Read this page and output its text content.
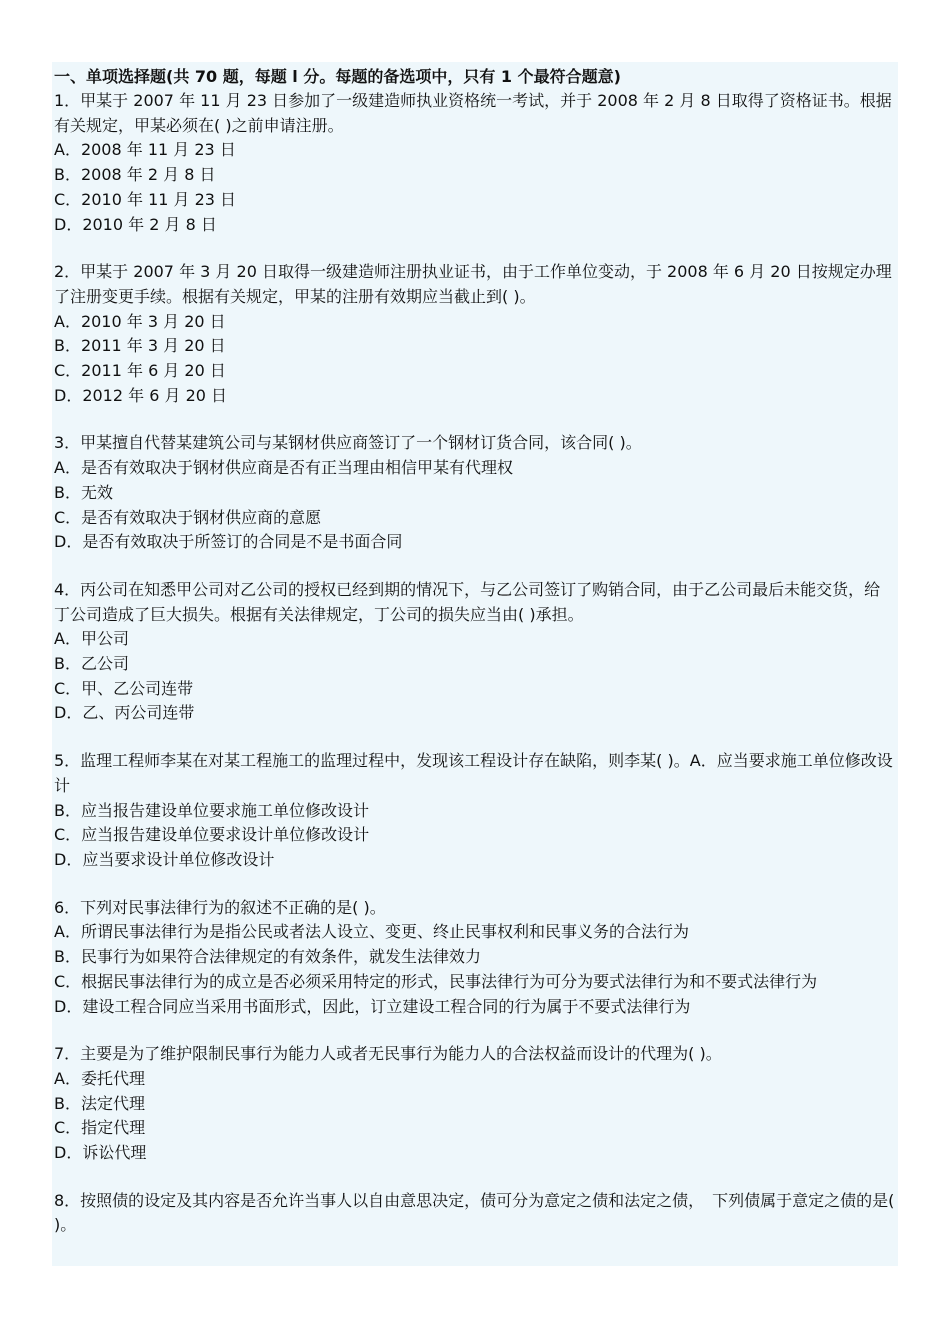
一、单项选择题(共 70 题，每题 l 分。每题的备选项中，只有 1 个最符合题意)
1．甲某于 2007 年 11 月 23 日参加了一级建造师执业资格统一考试，并于 2008 年 2 月 8 日取得了资格证书。根据有关规定，甲某必须在( )之前申请注册。
A．2008 年 11 月 23 日
B．2008 年 2 月 8 日
C．2010 年 11 月 23 日
D．2010 年 2 月 8 日
2．甲某于 2007 年 3 月 20 日取得一级建造师注册执业证书，由于工作单位变动，于 2008 年 6 月 20 日按规定办理了注册变更手续。根据有关规定，甲某的注册有效期应当截止到( )。
A．2010 年 3 月 20 日
B．2011 年 3 月 20 日
C．2011 年 6 月 20 日
D．2012 年 6 月 20 日
3．甲某擅自代替某建筑公司与某钢材供应商签订了一个钢材订货合同，该合同( )。
A．是否有效取决于钢材供应商是否有正当理由相信甲某有代理权
B．无效
C．是否有效取决于钢材供应商的意愿
D．是否有效取决于所签订的合同是不是书面合同
4．丙公司在知悉甲公司对乙公司的授权已经到期的情况下，与乙公司签订了购销合同，由于乙公司最后未能交货，给丁公司造成了巨大损失。根据有关法律规定，丁公司的损失应当由( )承担。
A．甲公司
B．乙公司
C．甲、乙公司连带
D．乙、丙公司连带
5．监理工程师李某在对某工程施工的监理过程中，发现该工程设计存在缺陷，则李某( )。A．应当要求施工单位修改设计
B．应当报告建设单位要求施工单位修改设计
C．应当报告建设单位要求设计单位修改设计
D．应当要求设计单位修改设计
6．下列对民事法律行为的叙述不正确的是( )。
A．所谓民事法律行为是指公民或者法人设立、变更、终止民事权利和民事义务的合法行为
B．民事行为如果符合法律规定的有效条件，就发生法律效力
C．根据民事法律行为的成立是否必须采用特定的形式，民事法律行为可分为要式法律行为和不要式法律行为
D．建设工程合同应当采用书面形式，因此，订立建设工程合同的行为属于不要式法律行为
7．主要是为了维护限制民事行为能力人或者无民事行为能力人的合法权益而设计的代理为( )。
A．委托代理
B．法定代理
C．指定代理
D．诉讼代理
8．按照债的设定及其内容是否允许当事人以自由意思决定，债可分为意定之债和法定之债，　下列债属于意定之债的是( )。
